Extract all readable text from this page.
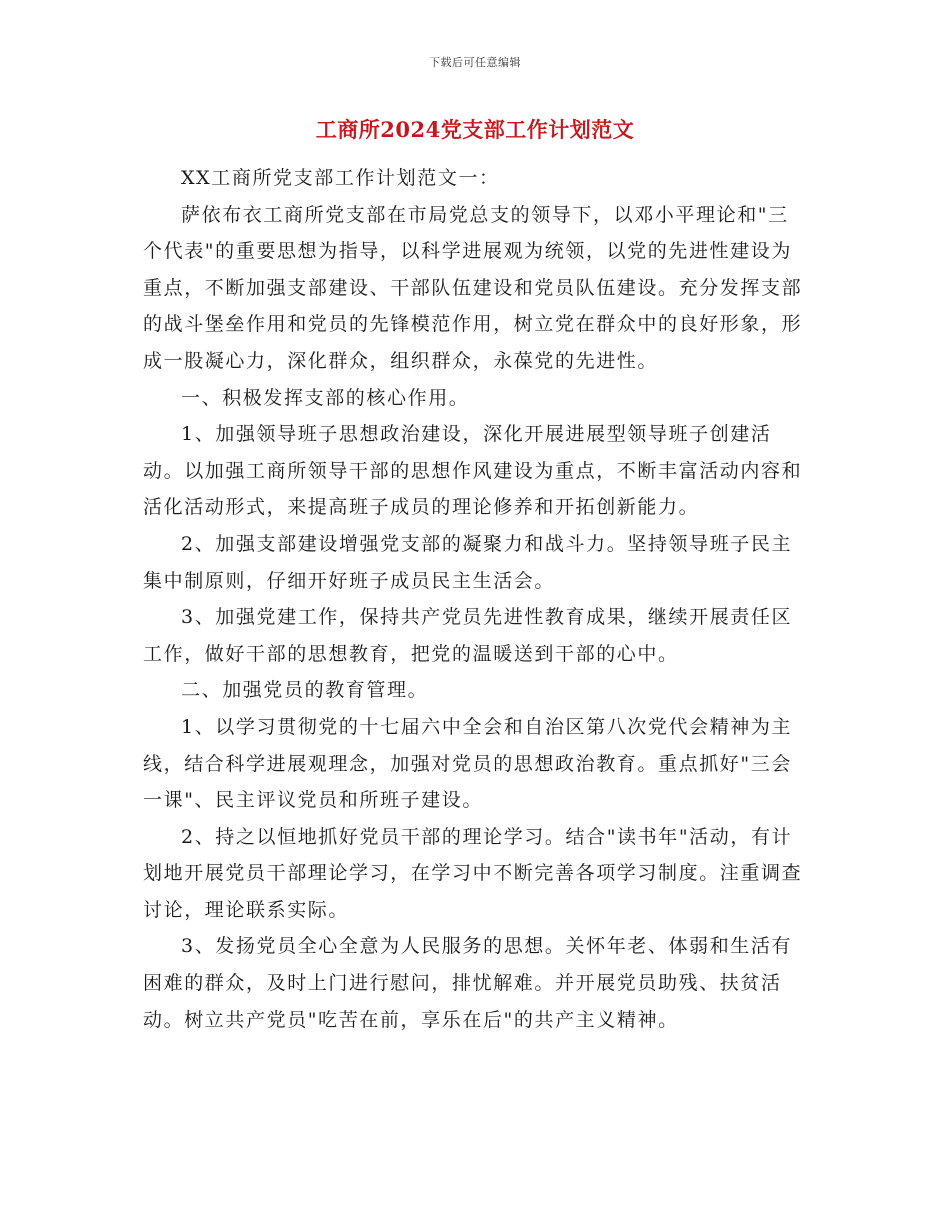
下载后可任意编辑
工商所2024党支部工作计划范文

XX工商所党支部工作计划范文一：

萨依布衣工商所党支部在市局党总支的领导下，以邓小平理论和"三个代表"的重要思想为指导，以科学进展观为统领，以党的先进性建设为重点，不断加强支部建设、干部队伍建设和党员队伍建设。充分发挥支部的战斗堡垒作用和党员的先锋模范作用，树立党在群众中的良好形象，形成一股凝心力，深化群众，组织群众，永葆党的先进性。

一、积极发挥支部的核心作用。

1、加强领导班子思想政治建设，深化开展进展型领导班子创建活动。以加强工商所领导干部的思想作风建设为重点，不断丰富活动内容和活化活动形式，来提高班子成员的理论修养和开拓创新能力。

2、加强支部建设增强党支部的凝聚力和战斗力。坚持领导班子民主集中制原则，仔细开好班子成员民主生活会。

3、加强党建工作，保持共产党员先进性教育成果，继续开展责任区工作，做好干部的思想教育，把党的温暖送到干部的心中。

二、加强党员的教育管理。

1、以学习贯彻党的十七届六中全会和自治区第八次党代会精神为主线，结合科学进展观理念，加强对党员的思想政治教育。重点抓好"三会一课"、民主评议党员和所班子建设。

2、持之以恒地抓好党员干部的理论学习。结合"读书年"活动，有计划地开展党员干部理论学习，在学习中不断完善各项学习制度。注重调查讨论，理论联系实际。

3、发扬党员全心全意为人民服务的思想。关怀年老、体弱和生活有困难的群众，及时上门进行慰问，排忧解难。并开展党员助残、扶贫活动。树立共产党员"吃苦在前，享乐在后"的共产主义精神。
